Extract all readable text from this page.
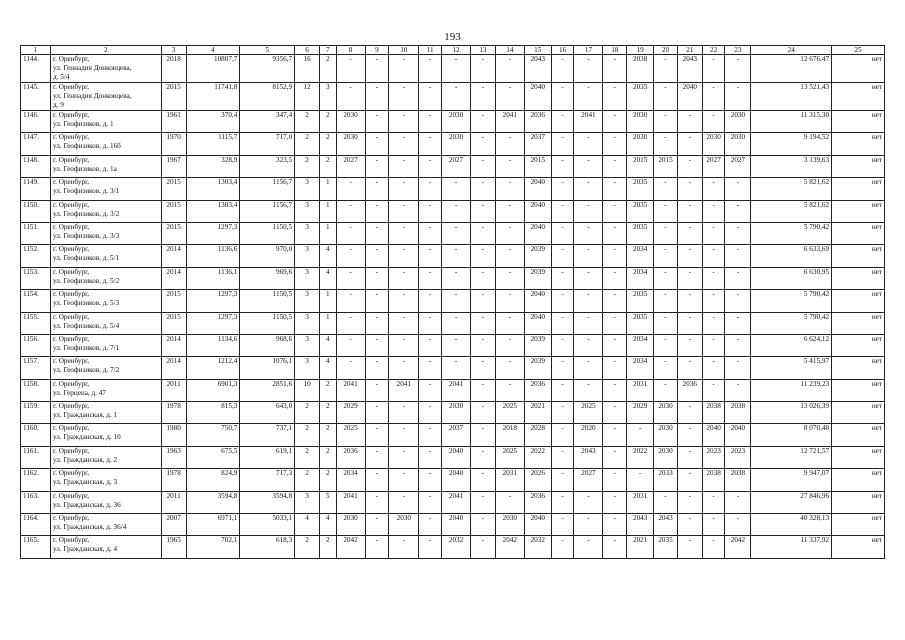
193
1	2	3	4	5	6	7	8	9	10	11	12	13	14	15	16	17	18	19	20	21	22	23	24	25
1144.	г. Оренбург,
ул. Геннадия Донковцева,
д. 5/4	2018	10807,7	9356,7	16	2	-	-	-	-	-	-	-	2043	-	-	-	2038	-	2043	-	-	12 676,47	нет
1145.	г. Оренбург,
ул. Геннадия Донковцева,
д. 9	2015	11741,8	8152,9	12	3	-	-	-	-	-	-	-	2040	-	-	-	2035	-	2040	-	-	13 521,43	нет
1146.	г. Оренбург,
ул. Геофизиков, д. 1	1961	370,4	347,4	2	2	2030	-	-	-	2030	-	2041	2036	-	2041	-	2030	-	-	-	2030	11 315,30	нет
1147.	г. Оренбург,
ул. Геофизиков, д. 16б	1970	1115,7	717,0	2	2	2030	-	-	-	2030	-	-	2037	-	-	-	2030	-	-	2030	2030	9 194,52	нет
1148.	г. Оренбург,
ул. Геофизиков, д. 1а	1967	328,9	323,5	2	2	2027	-	-	-	2027	-	-	2015	-	-	-	2015	2015	-	2027	2027	3 139,63	нет
1149.	г. Оренбург,
ул. Геофизиков, д. 3/1	2015	1303,4	1156,7	3	1	-	-	-	-	-	-	-	2040	-	-	-	2035	-	-	-	-	5 821,62	нет
1150.	г. Оренбург,
ул. Геофизиков, д. 3/2	2015	1303,4	1156,7	3	1	-	-	-	-	-	-	-	2040	-	-	-	2035	-	-	-	-	5 821,62	нет
1151.	г. Оренбург,
ул. Геофизиков, д. 3/3	2015	1297,3	1150,5	3	1	-	-	-	-	-	-	-	2040	-	-	-	2035	-	-	-	-	5 790,42	нет
1152.	г. Оренбург,
ул. Геофизиков, д. 5/1	2014	1136,6	970,0	3	4	-	-	-	-	-	-	-	2039	-	-	-	2034	-	-	-	-	6 633,69	нет
1153.	г. Оренбург,
ул. Геофизиков, д. 5/2	2014	1136,1	969,6	3	4	-	-	-	-	-	-	-	2039	-	-	-	2034	-	-	-	-	6 630,95	нет
1154.	г. Оренбург,
ул. Геофизиков, д. 5/3	2015	1297,3	1150,5	3	1	-	-	-	-	-	-	-	2040	-	-	-	2035	-	-	-	-	5 790,42	нет
1155.	г. Оренбург,
ул. Геофизиков, д. 5/4	2015	1297,3	1150,5	3	1	-	-	-	-	-	-	-	2040	-	-	-	2035	-	-	-	-	5 790,42	нет
1156.	г. Оренбург,
ул. Геофизиков, д. 7/1	2014	1134,6	968,6	3	4	-	-	-	-	-	-	-	2039	-	-	-	2034	-	-	-	-	6 624,12	нет
1157.	г. Оренбург,
ул. Геофизиков, д. 7/2	2014	1212,4	1076,1	3	4	-	-	-	-	-	-	-	2039	-	-	-	2034	-	-	-	-	5 415,97	нет
1158.	г. Оренбург,
ул. Герцена, д. 47	2011	6901,3	2851,6	10	2	2041	-	2041	-	2041	-	-	2036	-	-	-	2031	-	2036	-	-	11 239,23	нет
1159.	г. Оренбург,
ул. Гражданская, д. 1	1978	815,3	643,0	2	2	2029	-	-	-	2030	-	2025	2021	-	2025	-	2029	2030	-	2038	2038	13 026,39	нет
1160.	г. Оренбург,
ул. Гражданская, д. 10	1980	750,7	737,1	2	2	2025	-	-	-	2037	-	2018	2028	-	2020	-	-	2030	-	2040	2040	8 070,48	нет
1161.	г. Оренбург,
ул. Гражданская, д. 2	1963	675,5	619,1	2	2	2036	-	-	-	2040	-	2025	2022	-	2043	-	2022	2030	-	2023	2023	12 721,57	нет
1162.	г. Оренбург,
ул. Гражданская, д. 3	1978	824,9	717,3	2	2	2034	-	-	-	2040	-	2031	2026	-	2027	-	-	2033	-	2038	2038	9 947,07	нет
1163.	г. Оренбург,
ул. Гражданская, д. 36	2011	3594,8	3594,8	3	5	2041	-	-	-	2041	-	-	2036	-	-	-	2031	-	-	-	-	27 846,96	нет
1164.	г. Оренбург,
ул. Гражданская, д. 36/4	2007	6971,1	5033,1	4	4	2030	-	2030	-	2040	-	2030	2040	-	-	-	2043	2043	-	-	-	40 328,13	нет
1165.	г. Оренбург,
ул. Гражданская, д. 4	1965	702,1	618,3	2	2	2042	-	-	-	2032	-	2042	2032	-	-	-	2021	2035	-	-	2042	11 337,92	нет
